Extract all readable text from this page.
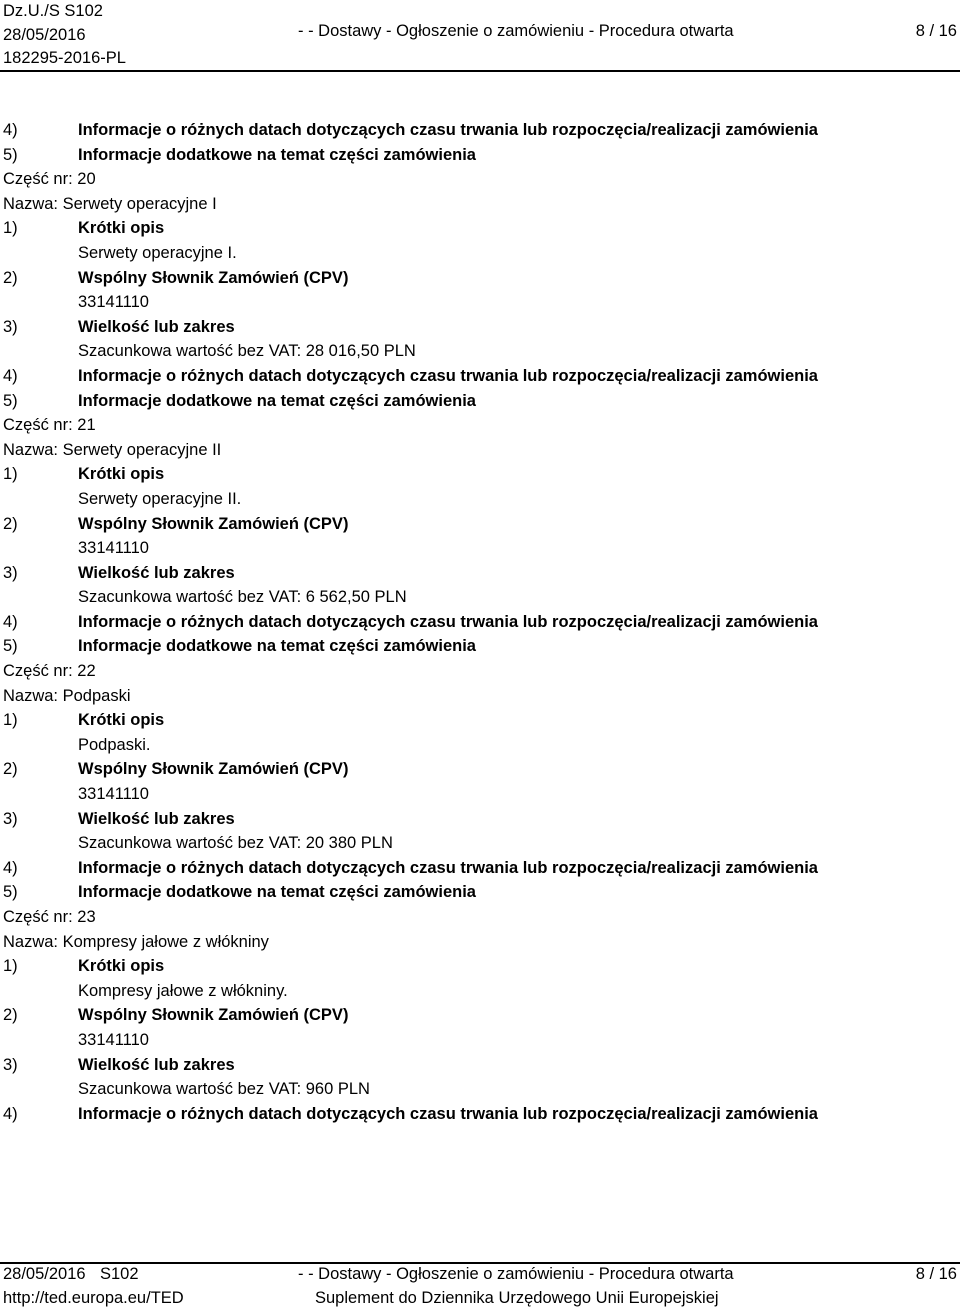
Dz.U./S S102
28/05/2016
182295-2016-PL
- - Dostawy - Ogłoszenie o zamówieniu - Procedura otwarta	8 / 16
4)	Informacje o różnych datach dotyczących czasu trwania lub rozpoczęcia/realizacji zamówienia
5)	Informacje dodatkowe na temat części zamówienia
Część nr: 20
Nazwa: Serwety operacyjne I
1)	Krótki opis
Serwety operacyjne I.
2)	Wspólny Słownik Zamówień (CPV)
33141110
3)	Wielkość lub zakres
Szacunkowa wartość bez VAT: 28 016,50 PLN
4)	Informacje o różnych datach dotyczących czasu trwania lub rozpoczęcia/realizacji zamówienia
5)	Informacje dodatkowe na temat części zamówienia
Część nr: 21
Nazwa: Serwety operacyjne II
1)	Krótki opis
Serwety operacyjne II.
2)	Wspólny Słownik Zamówień (CPV)
33141110
3)	Wielkość lub zakres
Szacunkowa wartość bez VAT: 6 562,50 PLN
4)	Informacje o różnych datach dotyczących czasu trwania lub rozpoczęcia/realizacji zamówienia
5)	Informacje dodatkowe na temat części zamówienia
Część nr: 22
Nazwa: Podpaski
1)	Krótki opis
Podpaski.
2)	Wspólny Słownik Zamówień (CPV)
33141110
3)	Wielkość lub zakres
Szacunkowa wartość bez VAT: 20 380 PLN
4)	Informacje o różnych datach dotyczących czasu trwania lub rozpoczęcia/realizacji zamówienia
5)	Informacje dodatkowe na temat części zamówienia
Część nr: 23
Nazwa: Kompresy jałowe z włókniny
1)	Krótki opis
Kompresy jałowe z włókniny.
2)	Wspólny Słownik Zamówień (CPV)
33141110
3)	Wielkość lub zakres
Szacunkowa wartość bez VAT: 960 PLN
4)	Informacje o różnych datach dotyczących czasu trwania lub rozpoczęcia/realizacji zamówienia
28/05/2016 S102
http://ted.europa.eu/TED
- - Dostawy - Ogłoszenie o zamówieniu - Procedura otwarta
Suplement do Dziennika Urzędowego Unii Europejskiej
8 / 16
